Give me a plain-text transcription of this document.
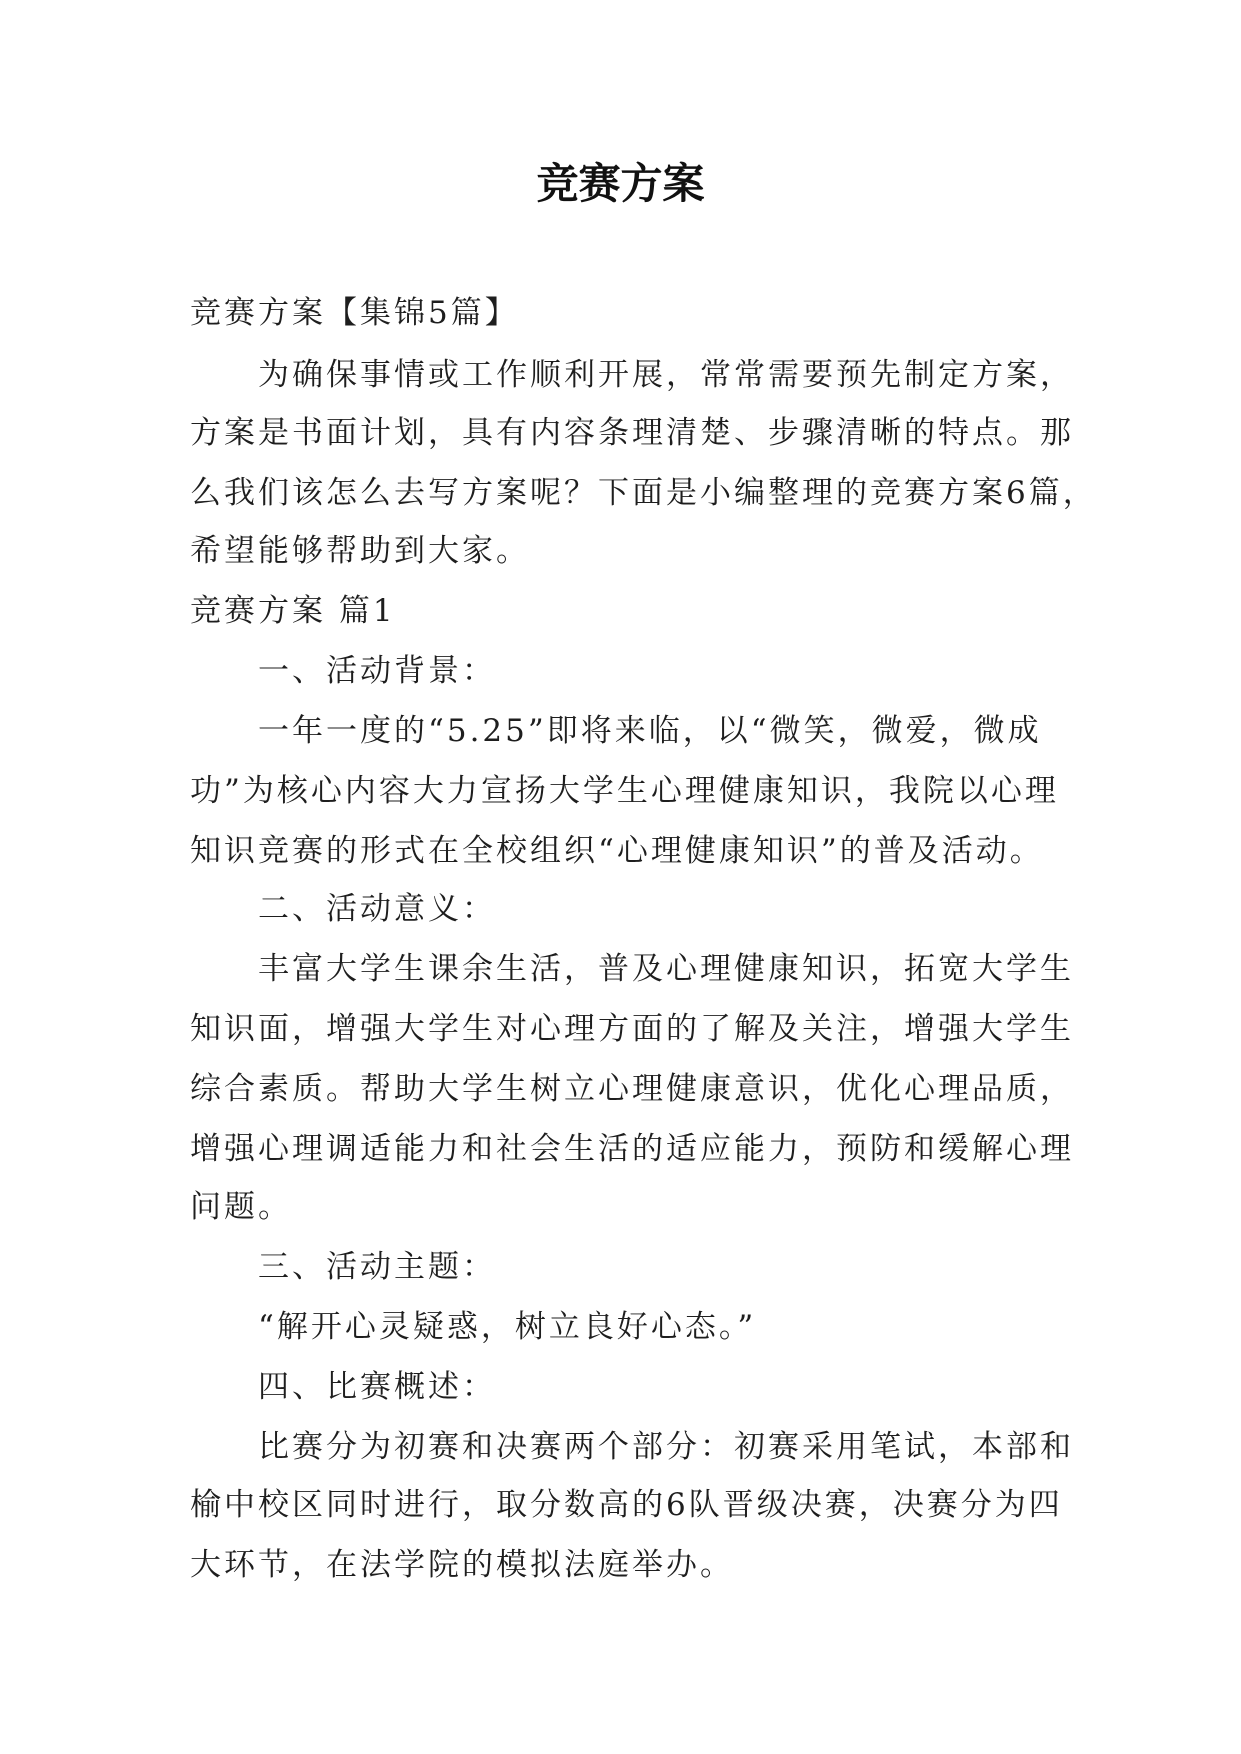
竞赛方案

竞赛方案【集锦5篇】

　　为确保事情或工作顺利开展，常常需要预先制定方案，

方案是书面计划，具有内容条理清楚、步骤清晰的特点。那

么我们该怎么去写方案呢？下面是小编整理的竞赛方案6篇，

希望能够帮助到大家。

竞赛方案 篇1

　　一、活动背景：

　　一年一度的“5.25”即将来临，以“微笑，微爱，微成

功”为核心内容大力宣扬大学生心理健康知识，我院以心理

知识竞赛的形式在全校组织“心理健康知识”的普及活动。

　　二、活动意义：

　　丰富大学生课余生活，普及心理健康知识，拓宽大学生

知识面，增强大学生对心理方面的了解及关注，增强大学生

综合素质。帮助大学生树立心理健康意识，优化心理品质，

增强心理调适能力和社会生活的适应能力，预防和缓解心理

问题。

　　三、活动主题：

　　“解开心灵疑惑，树立良好心态。”

　　四、比赛概述：

　　比赛分为初赛和决赛两个部分：初赛采用笔试，本部和

榆中校区同时进行，取分数高的6队晋级决赛，决赛分为四

大环节，在法学院的模拟法庭举办。
